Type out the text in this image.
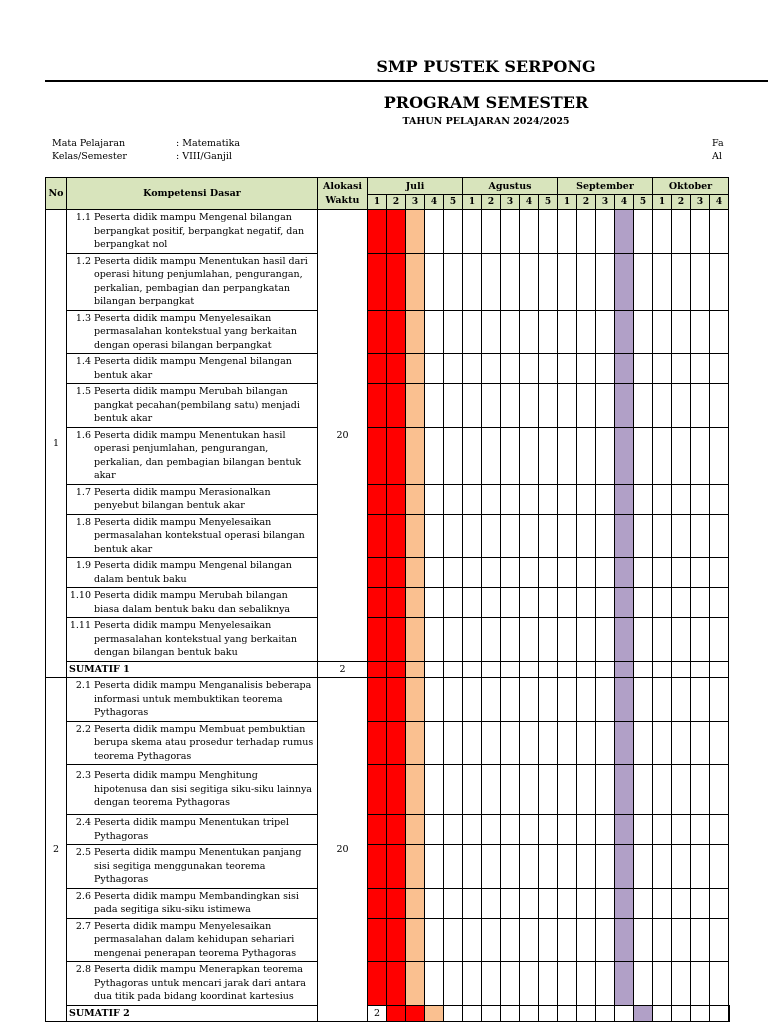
SMP PUSTEK SERPONG
PROGRAM SEMESTER
TAHUN PELAJARAN 2024/2025
Mata Pelajaran	: Matematika
Kelas/Semester	: VIII/Ganjil
Fa
Al
No	Kompetensi Dasar	Alokasi Waktu	Juli					Agustus					September					Oktober				
			1	2	3	4	5	1	2	3	4	5	1	2	3	4	5	1	2	3	4	
1	1.1 Peserta didik mampu Mengenal bilangan berpangkat positif, berpangkat negatif, dan berpangkat nol	20																				
	1.2 Peserta didik mampu Menentukan hasil dari operasi hitung penjumlahan, pengurangan, perkalian, pembagian dan perpangkatan bilangan berpangkat																					
	1.3 Peserta didik mampu Menyelesaikan permasalahan kontekstual yang berkaitan dengan operasi bilangan berpangkat																					
	1.4 Peserta didik mampu Mengenal bilangan bentuk akar																					
	1.5 Peserta didik mampu Merubah bilangan pangkat pecahan(pembilang satu) menjadi bentuk akar																					
	1.6 Peserta didik mampu Menentukan hasil operasi penjumlahan, pengurangan, perkalian, dan pembagian bilangan bentuk akar																					
	1.7 Peserta didik mampu Merasionalkan penyebut bilangan bentuk akar																					
	1.8 Peserta didik mampu Menyelesaikan permasalahan kontekstual operasi bilangan bentuk akar																					
	1.9 Peserta didik mampu Mengenal bilangan dalam bentuk baku																					
	1.10 Peserta didik mampu Merubah bilangan biasa dalam bentuk baku dan sebaliknya																					
	1.11 Peserta didik mampu Menyelesaikan permasalahan kontekstual yang berkaitan dengan bilangan bentuk baku																					
	SUMATIF 1	2																				
2	2.1 Peserta didik mampu Menganalisis beberapa informasi untuk membuktikan teorema Pythagoras	20																				
	2.2 Peserta didik mampu Membuat pembuktian berupa skema atau prosedur terhadap rumus teorema Pythagoras																					
	2.3 Peserta didik mampu Menghitung hipotenusa dan sisi segitiga siku-siku lainnya dengan teorema Pythagoras																					
	2.4 Peserta didik mampu Menentukan tripel Pythagoras																					
	2.5 Peserta didik mampu Menentukan panjang sisi segitiga menggunakan teorema Pythagoras																					
	2.6 Peserta didik mampu Membandingkan sisi pada segitiga siku-siku istimewa																					
	2.7 Peserta didik mampu Menyelesaikan permasalahan dalam kehidupan sehariari mengenai penerapan teorema Pythagoras																					
	2.8 Peserta didik mampu Menerapkan teorema Pythagoras untuk mencari jarak dari antara dua titik pada bidang koordinat kartesius																					
	SUMATIF 2		2																			
